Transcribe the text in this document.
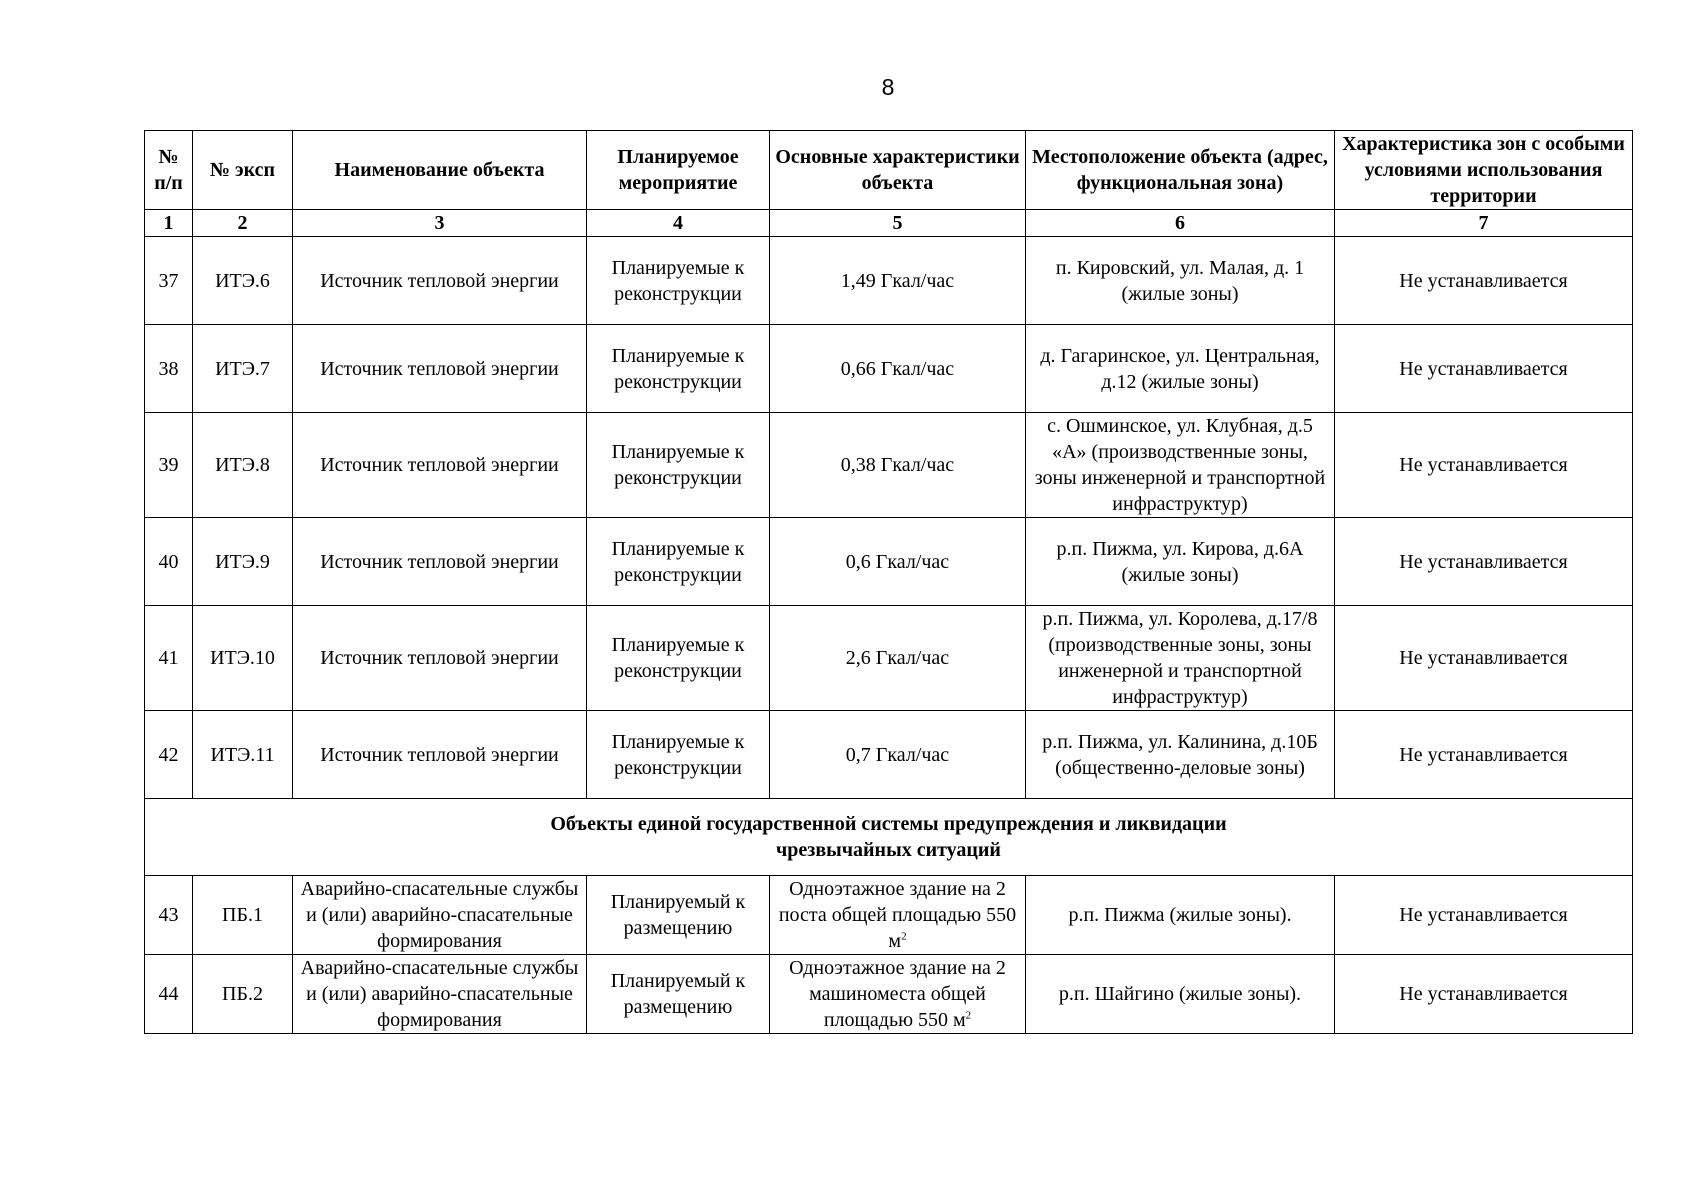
8
№ п/п	№ эксп	Наименование объекта	Планируемое мероприятие	Основные характеристики объекта	Местоположение объекта (адрес, функциональная зона)	Характеристика зон с особыми условиями использования территории
1	2	3	4	5	6	7
37	ИТЭ.6	Источник тепловой энергии	Планируемые к реконструкции	1,49 Гкал/час	п. Кировский, ул. Малая, д. 1 (жилые зоны)	Не устанавливается
38	ИТЭ.7	Источник тепловой энергии	Планируемые к реконструкции	0,66 Гкал/час	д. Гагаринское, ул. Центральная, д.12 (жилые зоны)	Не устанавливается
39	ИТЭ.8	Источник тепловой энергии	Планируемые к реконструкции	0,38 Гкал/час	с. Ошминское, ул. Клубная, д.5 «А» (производственные зоны, зоны инженерной и транспортной инфраструктур)	Не устанавливается
40	ИТЭ.9	Источник тепловой энергии	Планируемые к реконструкции	0,6 Гкал/час	р.п. Пижма, ул. Кирова, д.6А (жилые зоны)	Не устанавливается
41	ИТЭ.10	Источник тепловой энергии	Планируемые к реконструкции	2,6 Гкал/час	р.п. Пижма, ул. Королева, д.17/8 (производственные зоны, зоны инженерной и транспортной инфраструктур)	Не устанавливается
42	ИТЭ.11	Источник тепловой энергии	Планируемые к реконструкции	0,7 Гкал/час	р.п. Пижма, ул. Калинина, д.10Б (общественно-деловые зоны)	Не устанавливается

Объекты единой государственной системы предупреждения и ликвидации чрезвычайных ситуаций						

43	ПБ.1	Аварийно-спасательные службы и (или) аварийно-спасательные формирования	Планируемый к размещению	Одноэтажное здание на 2 поста общей площадью 550 $м^2$	р.п. Пижма (жилые зоны).	Не устанавливается
44	ПБ.2	Аварийно-спасательные службы и (или) аварийно-спасательные формирования	Планируемый к размещению	Одноэтажное здание на 2 машиноместа общей площадью 550 $м^2$	р.п. Шайгино (жилые зоны).	Не устанавливается
